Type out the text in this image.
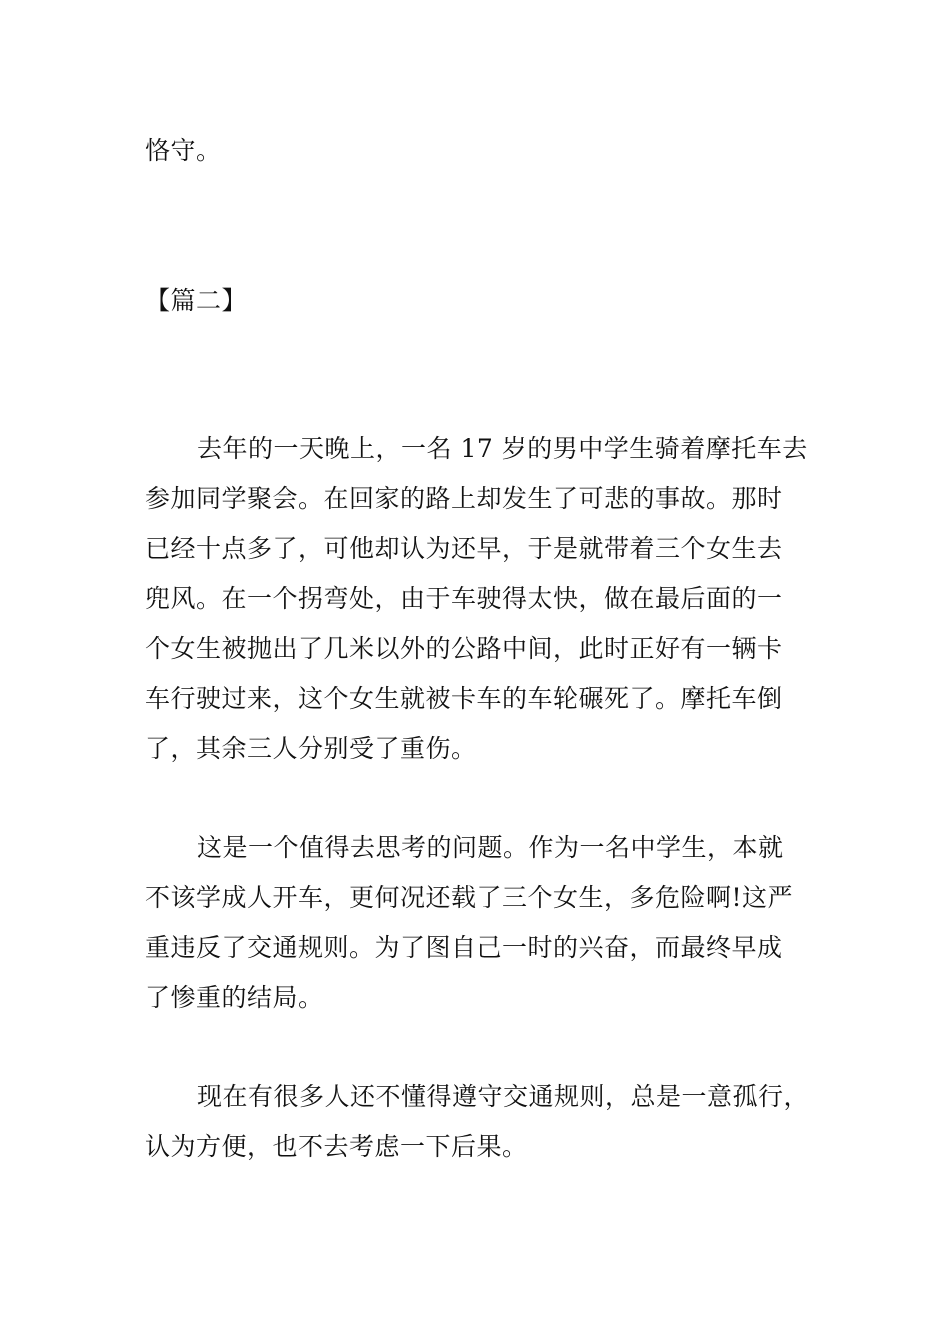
恪守。
【篇二】
去年的一天晚上，一名 17 岁的男中学生骑着摩托车去
参加同学聚会。在回家的路上却发生了可悲的事故。那时
已经十点多了，可他却认为还早，于是就带着三个女生去
兜风。在一个拐弯处，由于车驶得太快，做在最后面的一
个女生被抛出了几米以外的公路中间，此时正好有一辆卡
车行驶过来，这个女生就被卡车的车轮碾死了。摩托车倒
了，其余三人分别受了重伤。
这是一个值得去思考的问题。作为一名中学生，本就
不该学成人开车，更何况还载了三个女生，多危险啊!这严
重违反了交通规则。为了图自己一时的兴奋，而最终早成
了惨重的结局。
现在有很多人还不懂得遵守交通规则，总是一意孤行，
认为方便，也不去考虑一下后果。
